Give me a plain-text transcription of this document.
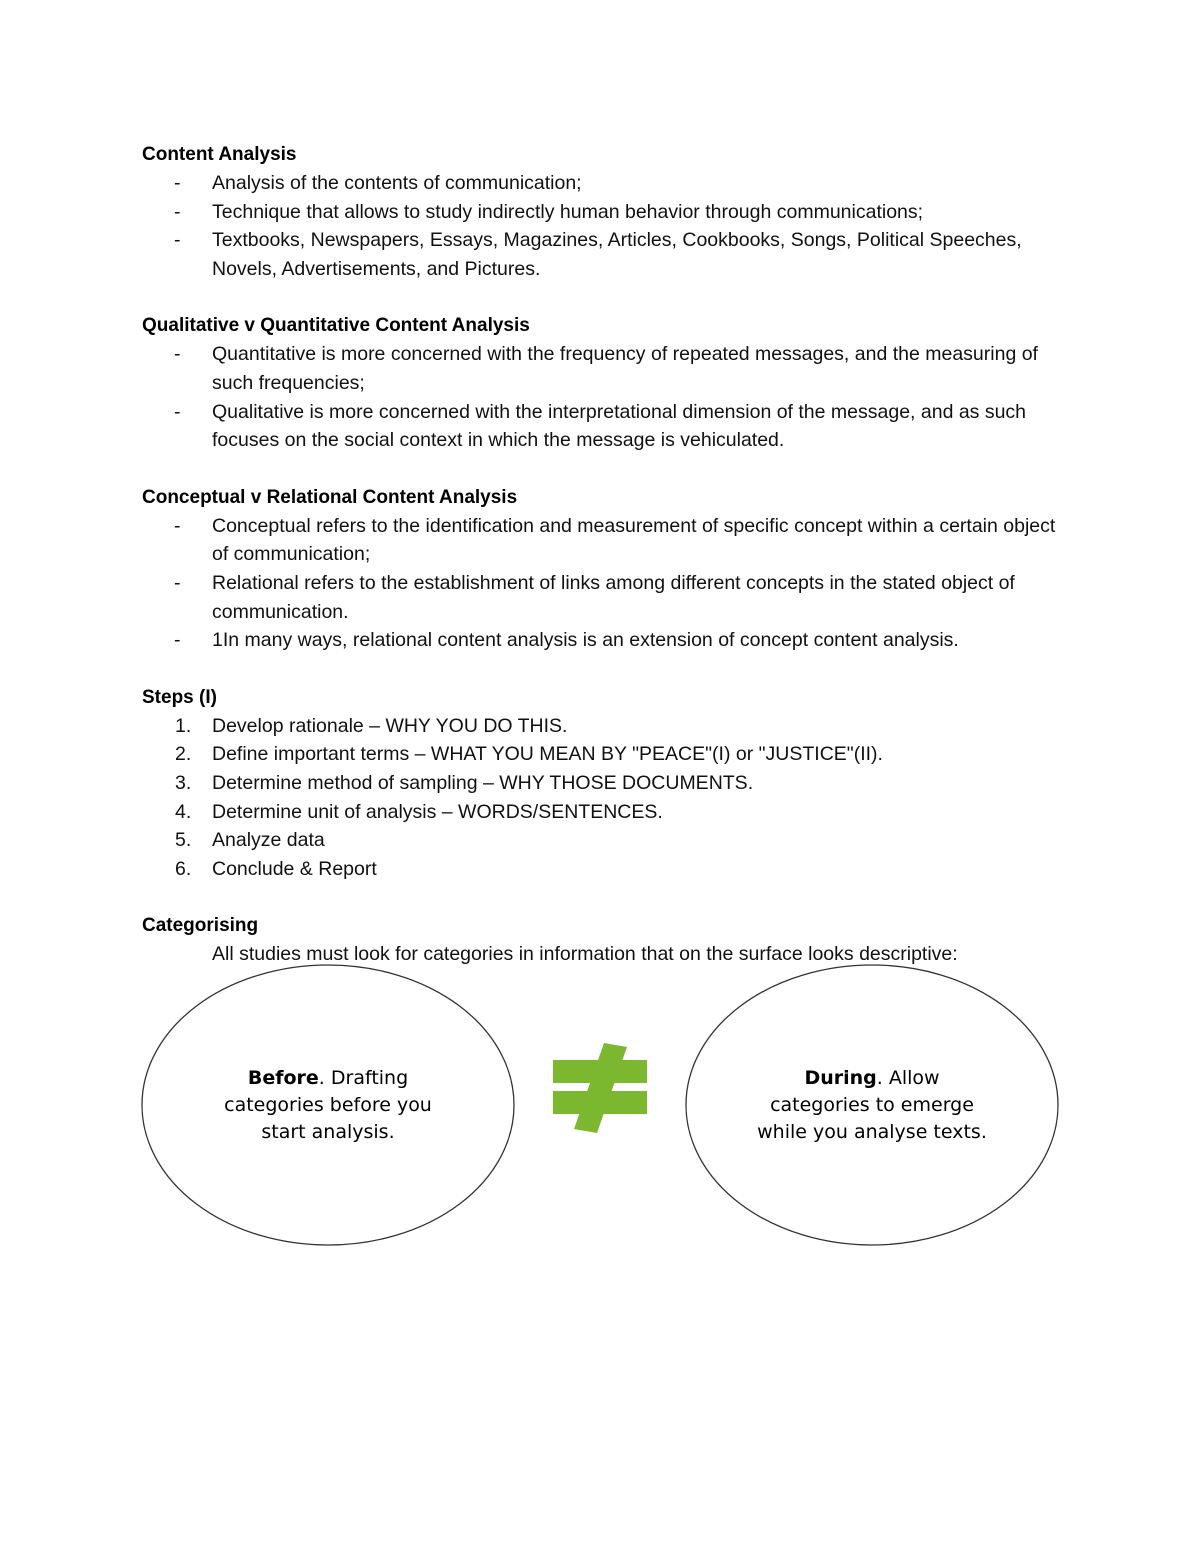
Content Analysis
- Analysis of the contents of communication;
- Technique that allows to study indirectly human behavior through communications;
- Textbooks, Newspapers, Essays, Magazines, Articles, Cookbooks, Songs, Political Speeches, Novels, Advertisements, and Pictures.
Qualitative v Quantitative Content Analysis
- Quantitative is more concerned with the frequency of repeated messages, and the measuring of such frequencies;
- Qualitative is more concerned with the interpretational dimension of the message, and as such focuses on the social context in which the message is vehiculated.
Conceptual v Relational Content Analysis
- Conceptual refers to the identification and measurement of specific concept within a certain object of communication;
- Relational refers to the establishment of links among different concepts in the stated object of communication.
- 1In many ways, relational content analysis is an extension of concept content analysis.
Steps (I)
1. Develop rationale – WHY YOU DO THIS.
2. Define important terms – WHAT YOU MEAN BY "PEACE"(I) or "JUSTICE"(II).
3. Determine method of sampling – WHY THOSE DOCUMENTS.
4. Determine unit of analysis – WORDS/SENTENCES.
5. Analyze data
6. Conclude & Report
Categorising
All studies must look for categories in information that on the surface looks descriptive:
Before. Drafting categories before you start analysis.
During. Allow categories to emerge while you analyse texts.
